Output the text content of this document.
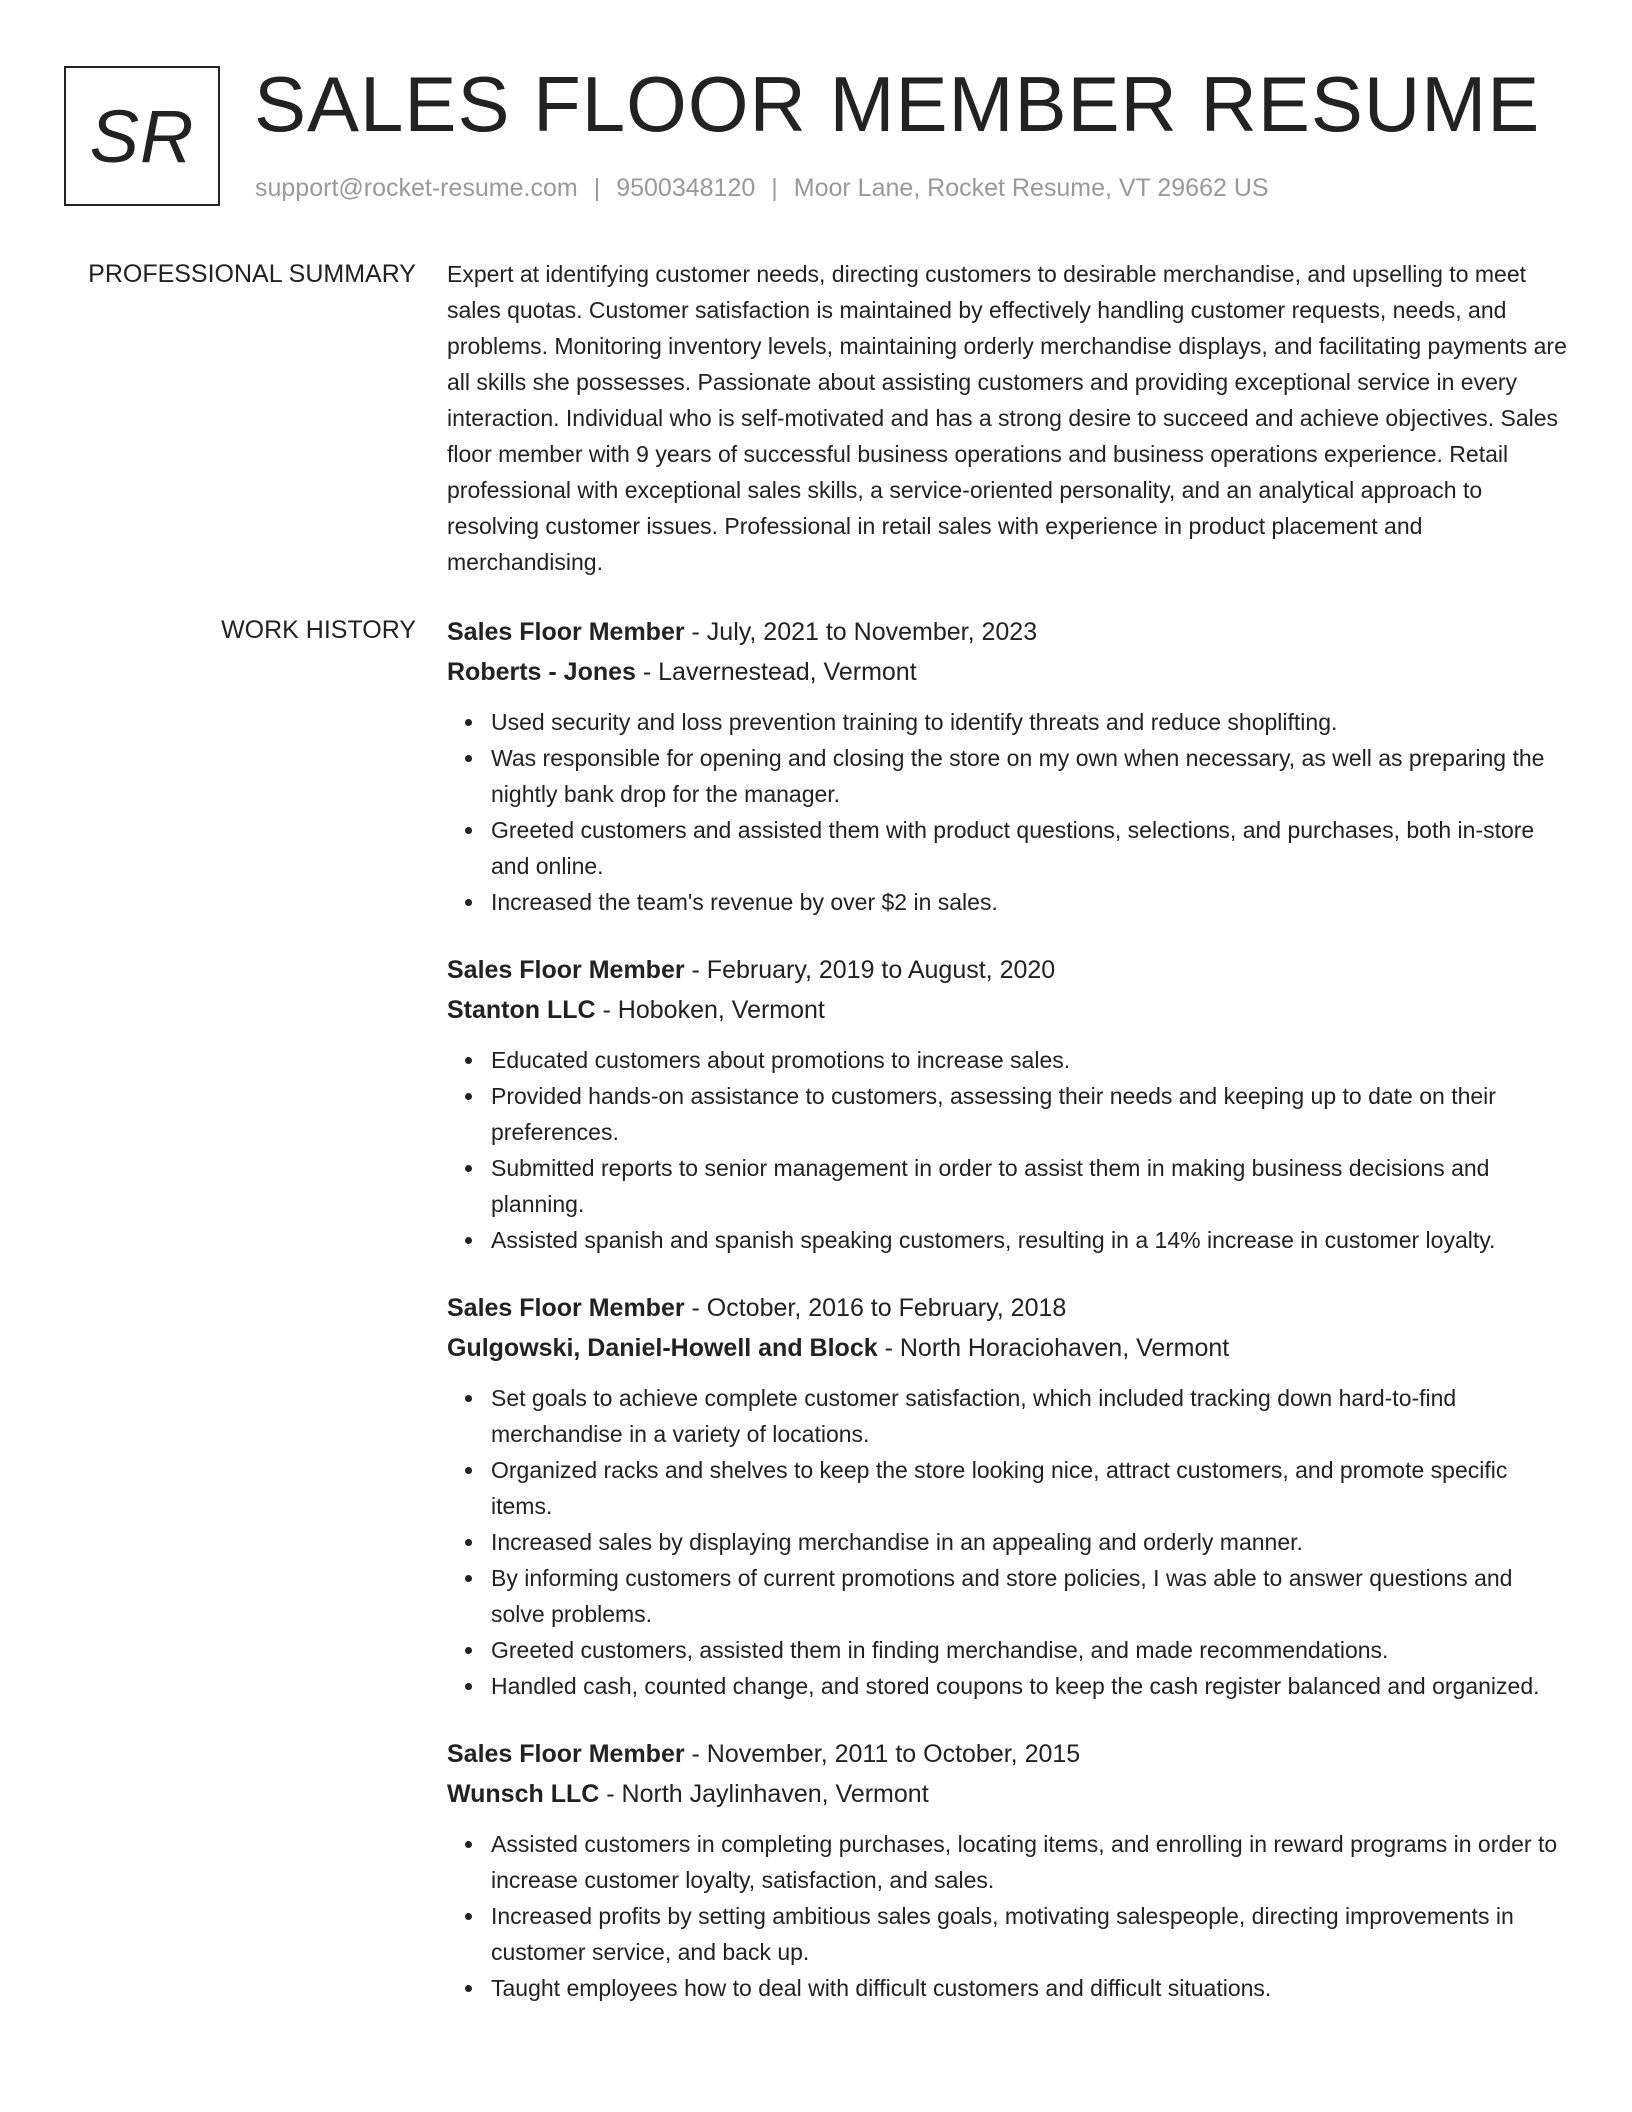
SR SALES FLOOR MEMBER RESUME
support@rocket-resume.com | 9500348120 | Moor Lane, Rocket Resume, VT 29662 US
PROFESSIONAL SUMMARY Expert at identifying customer needs, directing customers to desirable merchandise, and upselling to meet sales quotas. Customer satisfaction is maintained by effectively handling customer requests, needs, and problems. Monitoring inventory levels, maintaining orderly merchandise displays, and facilitating payments are all skills she possesses. Passionate about assisting customers and providing exceptional service in every interaction. Individual who is self-motivated and has a strong desire to succeed and achieve objectives. Sales floor member with 9 years of successful business operations and business operations experience. Retail professional with exceptional sales skills, a service-oriented personality, and an analytical approach to resolving customer issues. Professional in retail sales with experience in product placement and merchandising.

WORK HISTORY Sales Floor Member - July, 2021 to November, 2023
Roberts - Jones - Lavernestead, Vermont
Used security and loss prevention training to identify threats and reduce shoplifting.
Was responsible for opening and closing the store on my own when necessary, as well as preparing the nightly bank drop for the manager.
Greeted customers and assisted them with product questions, selections, and purchases, both in-store and online.
Increased the team's revenue by over $2 in sales.
Sales Floor Member - February, 2019 to August, 2020
Stanton LLC - Hoboken, Vermont
Educated customers about promotions to increase sales.
Provided hands-on assistance to customers, assessing their needs and keeping up to date on their preferences.
Submitted reports to senior management in order to assist them in making business decisions and planning.
Assisted spanish and spanish speaking customers, resulting in a 14% increase in customer loyalty.
Sales Floor Member - October, 2016 to February, 2018
Gulgowski, Daniel-Howell and Block - North Horaciohaven, Vermont
Set goals to achieve complete customer satisfaction, which included tracking down hard-to-find merchandise in a variety of locations.
Organized racks and shelves to keep the store looking nice, attract customers, and promote specific items.
Increased sales by displaying merchandise in an appealing and orderly manner.
By informing customers of current promotions and store policies, I was able to answer questions and solve problems.
Greeted customers, assisted them in finding merchandise, and made recommendations.
Handled cash, counted change, and stored coupons to keep the cash register balanced and organized.
Sales Floor Member - November, 2011 to October, 2015
Wunsch LLC - North Jaylinhaven, Vermont
Assisted customers in completing purchases, locating items, and enrolling in reward programs in order to increase customer loyalty, satisfaction, and sales.
Increased profits by setting ambitious sales goals, motivating salespeople, directing improvements in customer service, and back up.
Taught employees how to deal with difficult customers and difficult situations.
